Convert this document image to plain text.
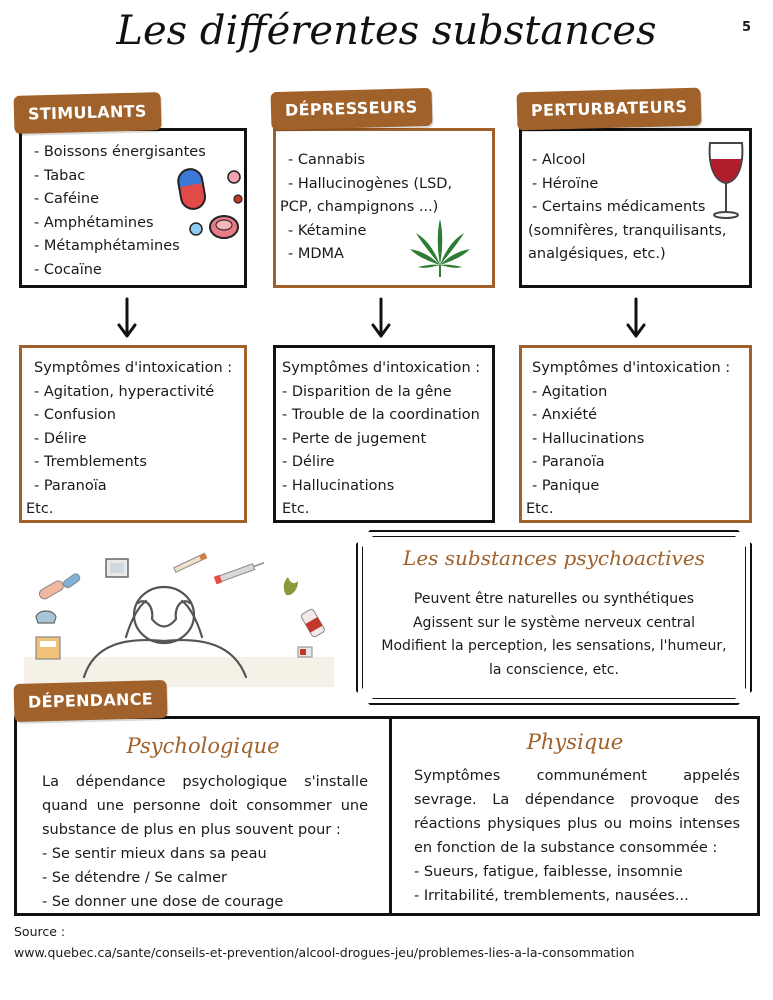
Les différentes substances	5
- Boissons énergisantes
- Tabac
- Caféine
- Amphétamines
- Métamphétamines
- Cocaïne
STIMULANTS
Symptômes d'intoxication :
- Agitation, hyperactivité
- Confusion
- Délire
- Tremblements
- Paranoïa
Etc.
- Cannabis
- Hallucinogènes (LSD,
PCP, champignons ...)
- Kétamine
- MDMA
DÉPRESSEURS
Symptômes d'intoxication :
- Disparition de la gêne
- Trouble de la coordination
- Perte de jugement
- Délire
- Hallucinations
Etc.
- Alcool
- Héroïne
- Certains médicaments
(somnifères, tranquilisants,
analgésiques, etc.)
PERTURBATEURS
Symptômes d'intoxication :
- Agitation
- Anxiété
- Hallucinations
- Paranoïa
- Panique
Etc.
Les substances psychoactives
Peuvent être naturelles ou synthétiques
Agissent sur le système nerveux central
Modifient la perception, les sensations, l'humeur,
la conscience, etc.
DÉPENDANCE
Psychologique

La dépendance psychologique s'installe quand une personne doit consommer une substance de plus en plus souvent pour :

- Se sentir mieux dans sa peau
- Se détendre / Se calmer
- Se donner une dose de courage
Physique

Symptômes communément appelés sevrage. La dépendance provoque des réactions physiques plus ou moins intenses en fonction de la substance consommée :

- Sueurs, fatigue, faiblesse, insomnie
- Irritabilité, tremblements, nausées...
Source :
www.quebec.ca/sante/conseils-et-prevention/alcool-drogues-jeu/problemes-lies-a-la-consommation
